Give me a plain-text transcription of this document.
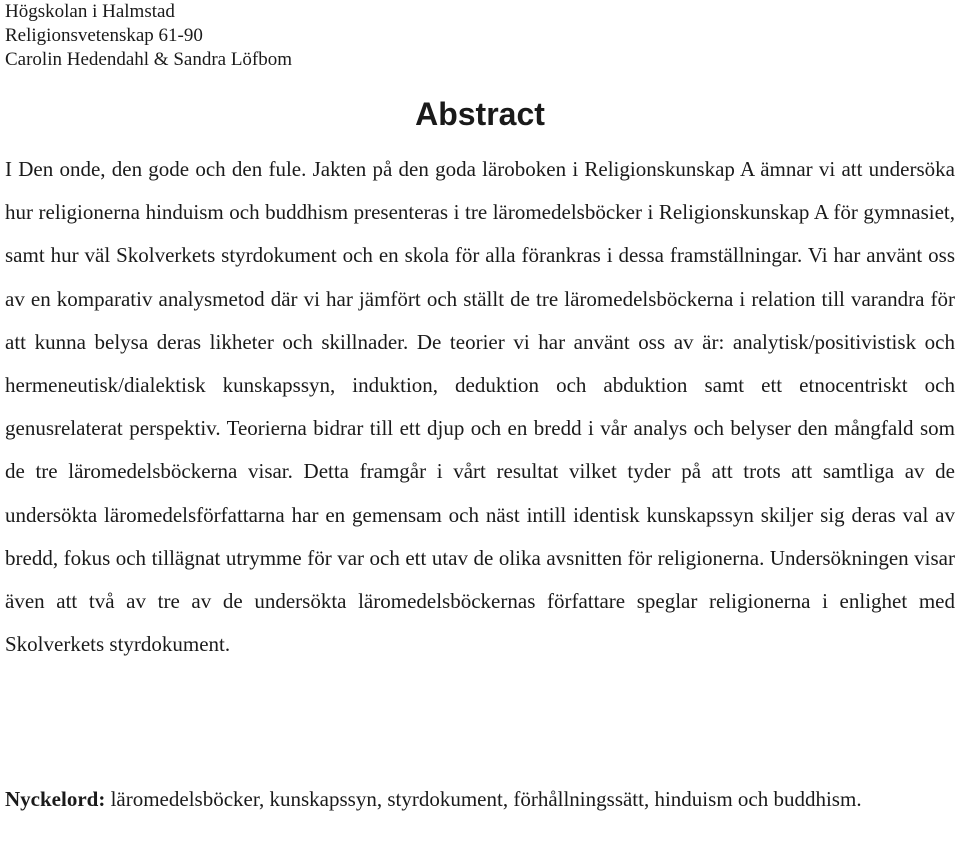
Högskolan i Halmstad
Religionsvetenskap 61-90
Carolin Hedendahl & Sandra Löfbom
Abstract

I Den onde, den gode och den fule. Jakten på den goda läroboken i Religionskunskap A ämnar vi att undersöka hur religionerna hinduism och buddhism presenteras i tre läromedelsböcker i Religionskunskap A för gymnasiet, samt hur väl Skolverkets styrdokument och en skola för alla förankras i dessa framställningar. Vi har använt oss av en komparativ analysmetod där vi har jämfört och ställt de tre läromedelsböckerna i relation till varandra för att kunna belysa deras likheter och skillnader. De teorier vi har använt oss av är: analytisk/positivistisk och hermeneutisk/dialektisk kunskapssyn, induktion, deduktion och abduktion samt ett etnocentriskt och genusrelaterat perspektiv. Teorierna bidrar till ett djup och en bredd i vår analys och belyser den mångfald som de tre läromedelsböckerna visar. Detta framgår i vårt resultat vilket tyder på att trots att samtliga av de undersökta läromedelsförfattarna har en gemensam och näst intill identisk kunskapssyn skiljer sig deras val av bredd, fokus och tillägnat utrymme för var och ett utav de olika avsnitten för religionerna. Undersökningen visar även att två av tre av de undersökta läromedelsböckernas författare speglar religionerna i enlighet med Skolverkets styrdokument.

Nyckelord: läromedelsböcker, kunskapssyn, styrdokument, förhållningssätt, hinduism och buddhism.
